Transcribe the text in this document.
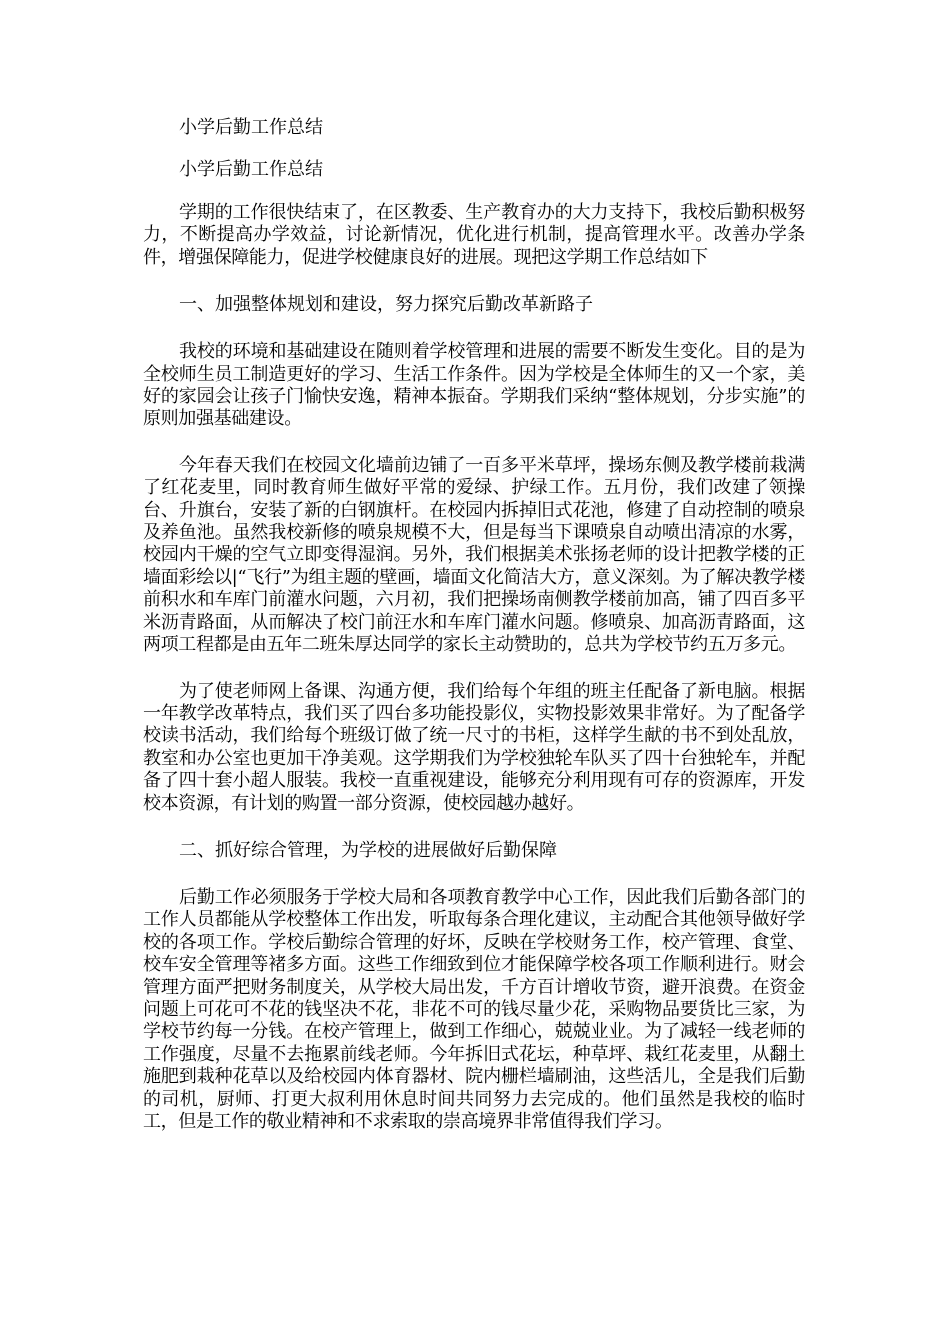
小学后勤工作总结

小学后勤工作总结

学期的工作很快结束了，在区教委、生产教育办的大力支持下，我校后勤积极努力，不断提高办学效益，讨论新情况，优化进行机制，提高管理水平。改善办学条件，增强保障能力，促进学校健康良好的进展。现把这学期工作总结如下

一、加强整体规划和建设，努力探究后勤改革新路子

我校的环境和基础建设在随则着学校管理和进展的需要不断发生变化。目的是为全校师生员工制造更好的学习、生活工作条件。因为学校是全体师生的又一个家，美好的家园会让孩子门愉快安逸，精神本振奋。学期我们采纳“整体规划，分步实施”的原则加强基础建设。

今年春天我们在校园文化墙前边铺了一百多平米草坪，操场东侧及教学楼前栽满了红花麦里，同时教育师生做好平常的爱绿、护绿工作。五月份，我们改建了领操台、升旗台，安装了新的白钢旗杆。在校园内拆掉旧式花池，修建了自动控制的喷泉及养鱼池。虽然我校新修的喷泉规模不大，但是每当下课喷泉自动喷出清凉的水雾，校园内干燥的空气立即变得湿润。另外，我们根据美术张扬老师的设计把教学楼的正墙面彩绘以|“飞行”为组主题的壁画，墙面文化简洁大方，意义深刻。为了解决教学楼前积水和车库门前灌水问题，六月初，我们把操场南侧教学楼前加高，铺了四百多平米沥青路面，从而解决了校门前汪水和车库门灌水问题。修喷泉、加高沥青路面，这两项工程都是由五年二班朱厚达同学的家长主动赞助的，总共为学校节约五万多元。

为了使老师网上备课、沟通方便，我们给每个年组的班主任配备了新电脑。根据一年教学改革特点，我们买了四台多功能投影仪，实物投影效果非常好。为了配备学校读书活动，我们给每个班级订做了统一尺寸的书柜，这样学生献的书不到处乱放，教室和办公室也更加干净美观。这学期我们为学校独轮车队买了四十台独轮车，并配备了四十套小超人服装。我校一直重视建设，能够充分利用现有可存的资源库，开发校本资源，有计划的购置一部分资源，使校园越办越好。

二、抓好综合管理，为学校的进展做好后勤保障

后勤工作必须服务于学校大局和各项教育教学中心工作，因此我们后勤各部门的工作人员都能从学校整体工作出发，听取每条合理化建议，主动配合其他领导做好学校的各项工作。学校后勤综合管理的好坏，反映在学校财务工作，校产管理、食堂、校车安全管理等褚多方面。这些工作细致到位才能保障学校各项工作顺利进行。财会管理方面严把财务制度关，从学校大局出发，千方百计增收节资，避开浪费。在资金问题上可花可不花的钱坚决不花，非花不可的钱尽量少花，采购物品要货比三家，为学校节约每一分钱。在校产管理上，做到工作细心，兢兢业业。为了减轻一线老师的工作强度，尽量不去拖累前线老师。今年拆旧式花坛，种草坪、栽红花麦里，从翻土施肥到栽种花草以及给校园内体育器材、院内栅栏墙刷油，这些活儿，全是我们后勤的司机，厨师、打更大叔利用休息时间共同努力去完成的。他们虽然是我校的临时工，但是工作的敬业精神和不求索取的崇高境界非常值得我们学习。
